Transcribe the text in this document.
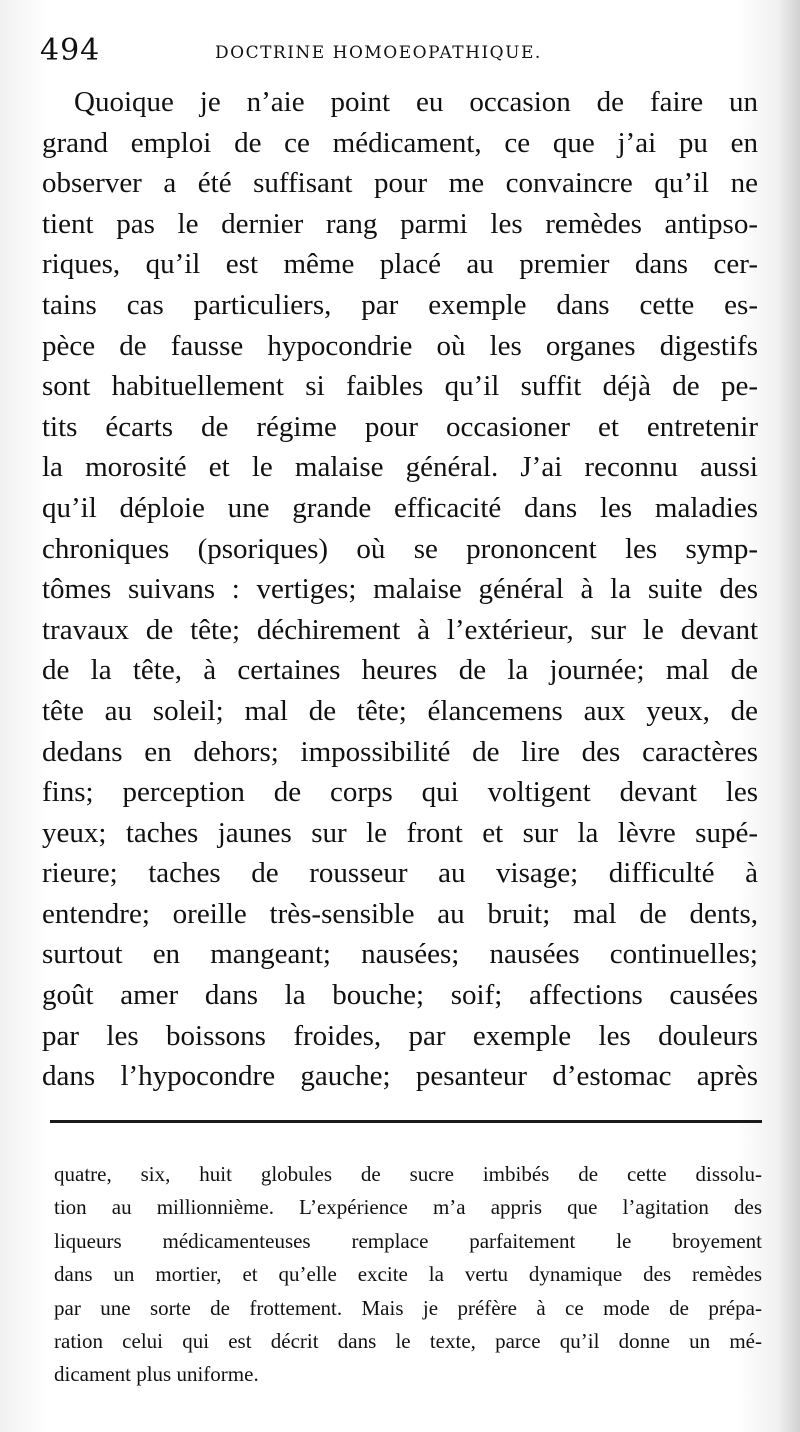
494	DOCTRINE HOMOEOPATHIQUE.
Quoique je n’aie point eu occasion de faire un
grand emploi de ce médicament, ce que j’ai pu en
observer a été suffisant pour me convaincre qu’il ne
tient pas le dernier rang parmi les remèdes antipso-
riques, qu’il est même placé au premier dans cer-
tains cas particuliers, par exemple dans cette es-
pèce de fausse hypocondrie où les organes digestifs
sont habituellement si faibles qu’il suffit déjà de pe-
tits écarts de régime pour occasioner et entretenir
la morosité et le malaise général. J’ai reconnu aussi
qu’il déploie une grande efficacité dans les maladies
chroniques (psoriques) où se prononcent les symp-
tômes suivans : vertiges; malaise général à la suite des
travaux de tête; déchirement à l’extérieur, sur le devant
de la tête, à certaines heures de la journée; mal de
tête au soleil; mal de tête; élancemens aux yeux, de
dedans en dehors; impossibilité de lire des caractères
fins; perception de corps qui voltigent devant les
yeux; taches jaunes sur le front et sur la lèvre supé-
rieure; taches de rousseur au visage; difficulté à
entendre; oreille très-sensible au bruit; mal de dents,
surtout en mangeant; nausées; nausées continuelles;
goût amer dans la bouche; soif; affections causées
par les boissons froides, par exemple les douleurs
dans l’hypocondre gauche; pesanteur d’estomac après
quatre, six, huit globules de sucre imbibés de cette dissolu-
tion au millionnième. L’expérience m’a appris que l’agitation des
liqueurs médicamenteuses remplace parfaitement le broyement
dans un mortier, et qu’elle excite la vertu dynamique des remèdes
par une sorte de frottement. Mais je préfère à ce mode de prépa-
ration celui qui est décrit dans le texte, parce qu’il donne un mé-
dicament plus uniforme.
